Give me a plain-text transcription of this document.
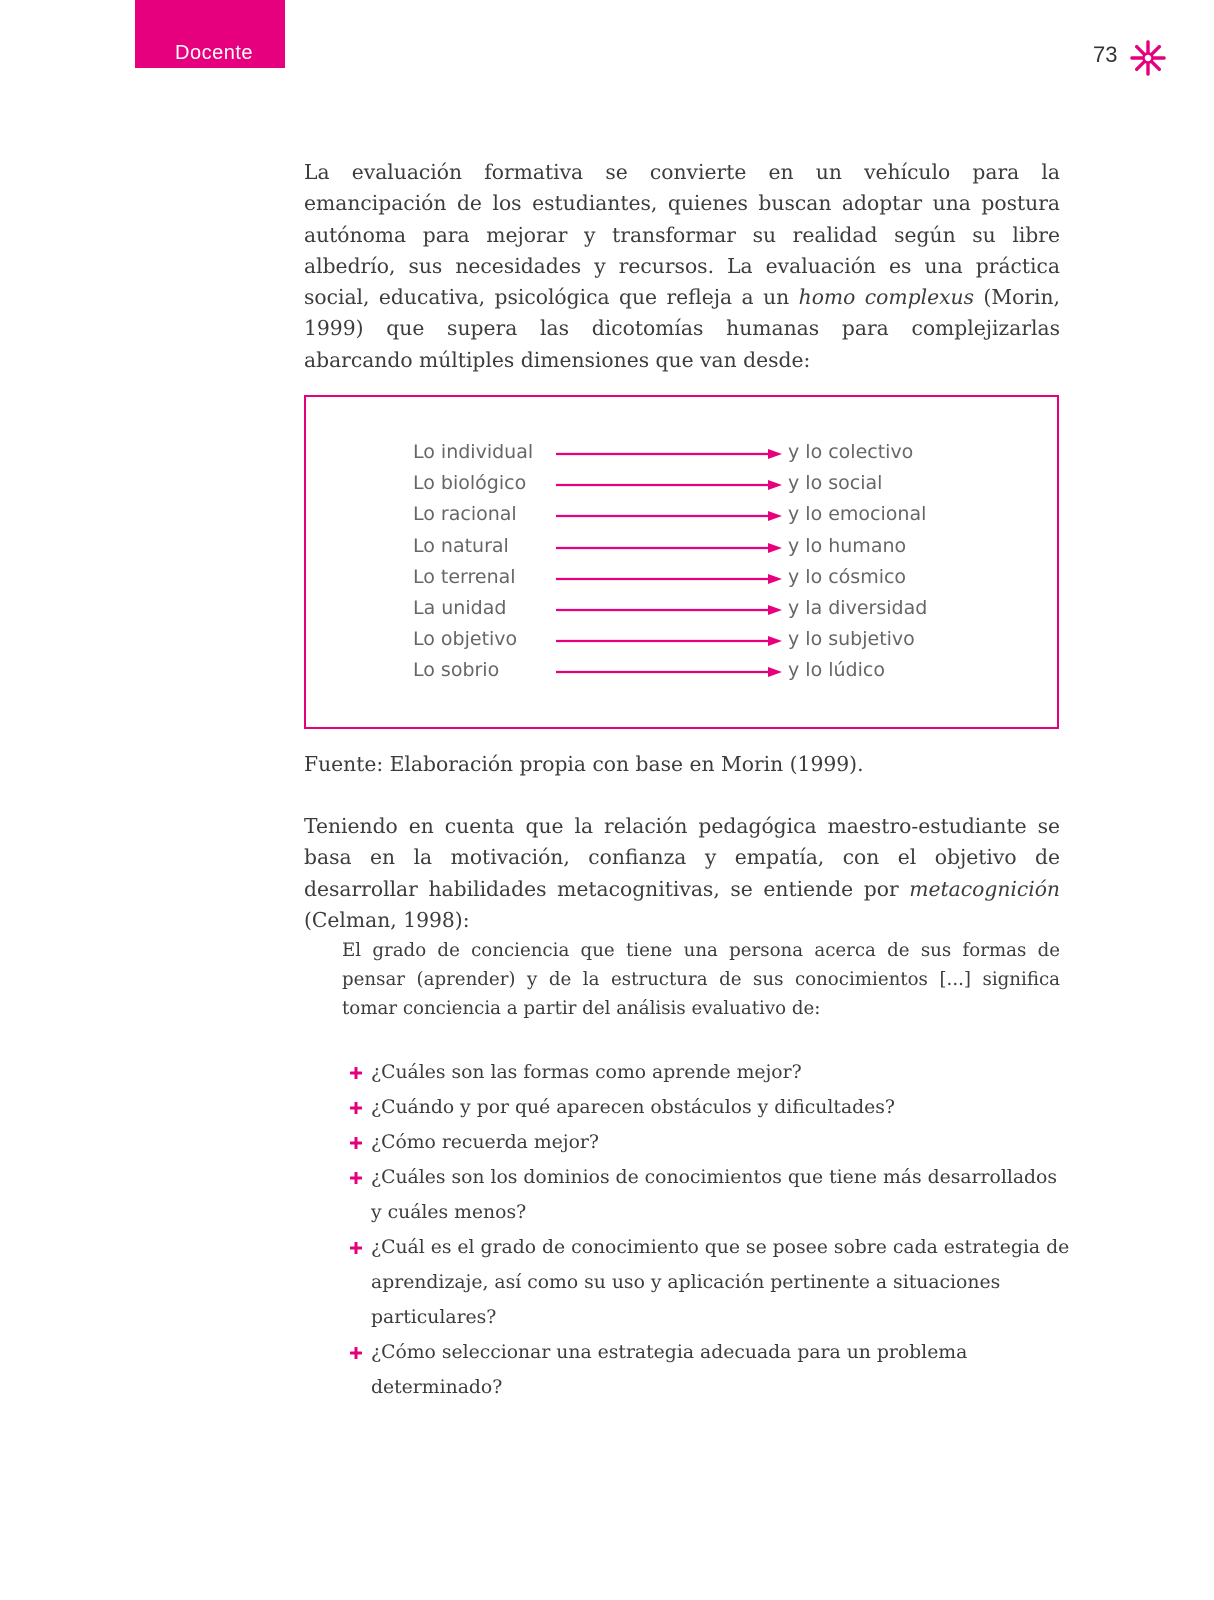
Docente	73

La evaluación formativa se convierte en un vehículo para la emancipación de los estudiantes, quienes buscan adoptar una postura autónoma para mejorar y transformar su realidad según su libre albedrío, sus necesidades y recursos. La evaluación es una práctica social, educativa, psicológica que refleja a un homo complexus (Morin, 1999) que supera las dicotomías humanas para complejizarlas abarcando múltiples dimensiones que van desde:

Lo individual	y lo colectivo
Lo biológico	y lo social
Lo racional	y lo emocional
Lo natural	y lo humano
Lo terrenal	y lo cósmico
La unidad	y la diversidad
Lo objetivo	y lo subjetivo
Lo sobrio	y lo lúdico

Fuente: Elaboración propia con base en Morin (1999).

Teniendo en cuenta que la relación pedagógica maestro-estudiante se basa en la motivación, confianza y empatía, con el objetivo de desarrollar habilidades metacognitivas, se entiende por metacognición (Celman, 1998):

El grado de conciencia que tiene una persona acerca de sus formas de pensar (aprender) y de la estructura de sus conocimientos [...] significa tomar conciencia a partir del análisis evaluativo de:

¿Cuáles son las formas como aprende mejor?
¿Cuándo y por qué aparecen obstáculos y dificultades?
¿Cómo recuerda mejor?
¿Cuáles son los dominios de conocimientos que tiene más desarrollados y cuáles menos?
¿Cuál es el grado de conocimiento que se posee sobre cada estrategia de aprendizaje, así como su uso y aplicación pertinente a situaciones particulares?
¿Cómo seleccionar una estrategia adecuada para un problema determinado?
